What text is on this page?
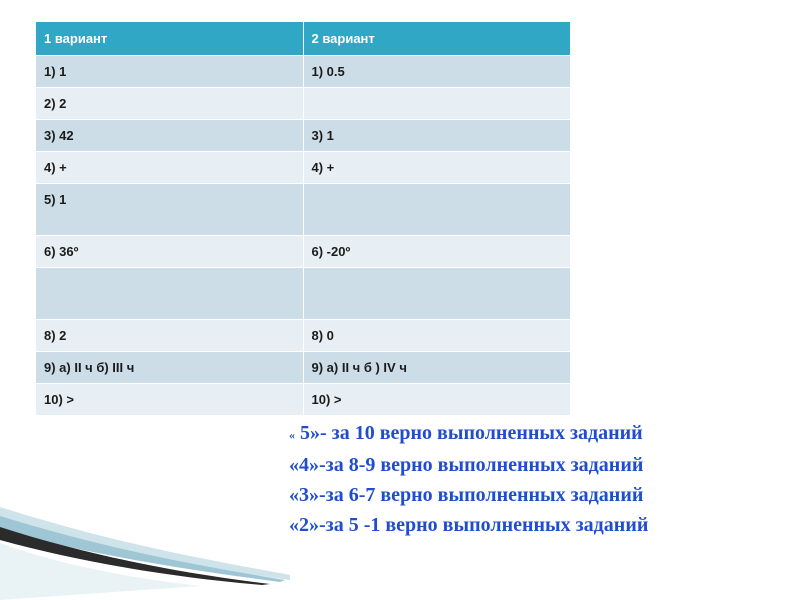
1 вариант	2 вариант
1) 1	1) 0.5
2) 2	
3) 42	3) 1
4) +	4) +
5) 1	
6) 36º	6) -20º

8) 2	8) 0
9) а) II ч б) III ч	9) а) II ч б ) IV ч
10) >	10) >
« 5»- за 10 верно выполненных заданий
«4»-за 8-9 верно выполненных заданий
«3»-за 6-7 верно выполненных заданий
«2»-за 5 -1 верно выполненных заданий
